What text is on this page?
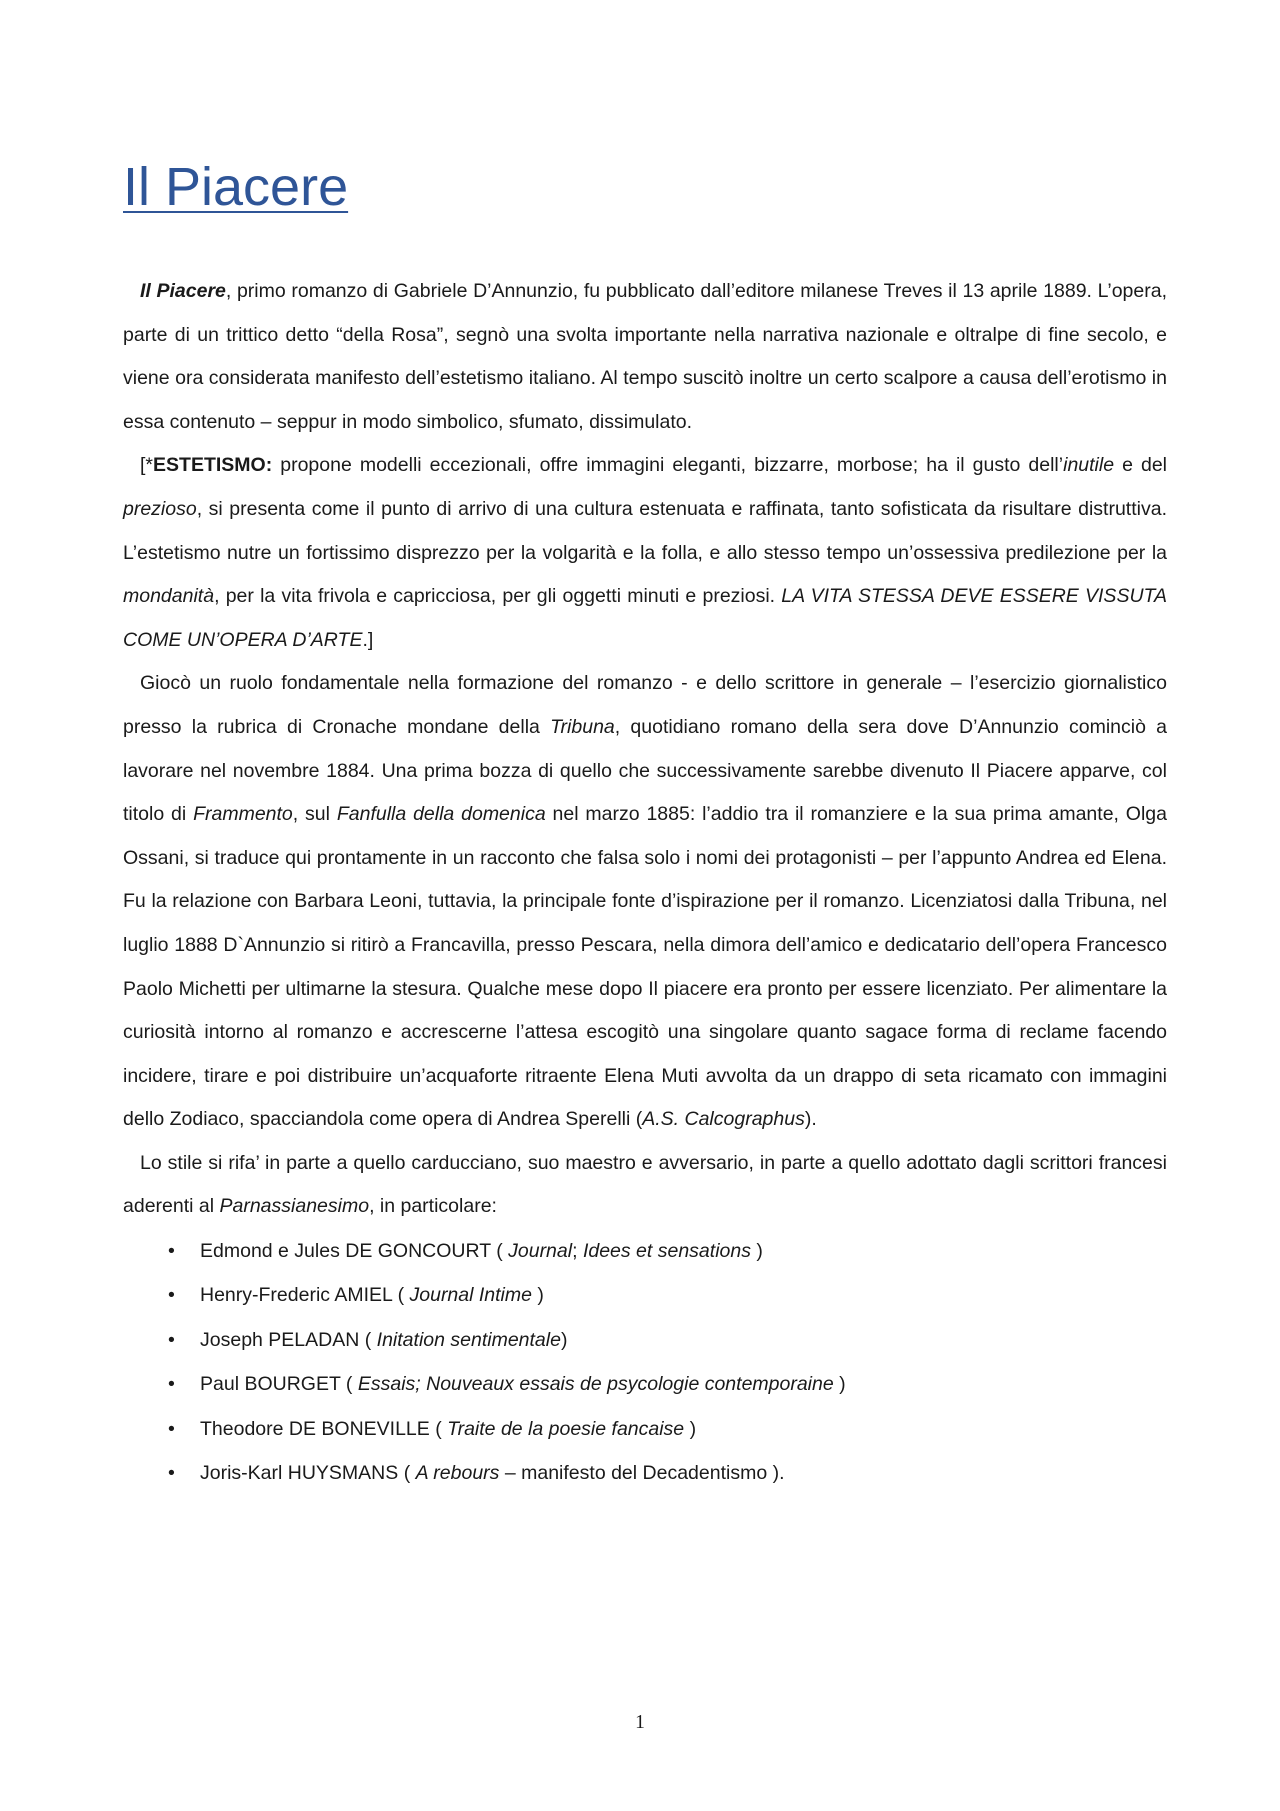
Il Piacere

Il Piacere, primo romanzo di Gabriele D’Annunzio, fu pubblicato dall’editore milanese Treves il 13 aprile 1889. L’opera, parte di un trittico detto “della Rosa”, segnò una svolta importante nella narrativa nazionale e oltralpe di fine secolo, e viene ora considerata manifesto dell’estetismo italiano. Al tempo suscitò inoltre un certo scalpore a causa dell’erotismo in essa contenuto – seppur in modo simbolico, sfumato, dissimulato.

[*ESTETISMO: propone modelli eccezionali, offre immagini eleganti, bizzarre, morbose; ha il gusto dell’inutile e del prezioso, si presenta come il punto di arrivo di una cultura estenuata e raffinata, tanto sofisticata da risultare distruttiva. L’estetismo nutre un fortissimo disprezzo per la volgarità e la folla, e allo stesso tempo un’ossessiva predilezione per la mondanità, per la vita frivola e capricciosa, per gli oggetti minuti e preziosi. LA VITA STESSA DEVE ESSERE VISSUTA COME UN’OPERA D’ARTE.]

Giocò un ruolo fondamentale nella formazione del romanzo - e dello scrittore in generale – l’esercizio giornalistico presso la rubrica di Cronache mondane della Tribuna, quotidiano romano della sera dove D’Annunzio cominciò a lavorare nel novembre 1884. Una prima bozza di quello che successivamente sarebbe divenuto Il Piacere apparve, col titolo di Frammento, sul Fanfulla della domenica nel marzo 1885: l’addio tra il romanziere e la sua prima amante, Olga Ossani, si traduce qui prontamente in un racconto che falsa solo i nomi dei protagonisti – per l’appunto Andrea ed Elena. Fu la relazione con Barbara Leoni, tuttavia, la principale fonte d’ispirazione per il romanzo. Licenziatosi dalla Tribuna, nel luglio 1888 D`Annunzio si ritirò a Francavilla, presso Pescara, nella dimora dell’amico e dedicatario dell’opera Francesco Paolo Michetti per ultimarne la stesura. Qualche mese dopo Il piacere era pronto per essere licenziato. Per alimentare la curiosità intorno al romanzo e accrescerne l’attesa escogitò una singolare quanto sagace forma di reclame facendo incidere, tirare e poi distribuire un’acquaforte ritraente Elena Muti avvolta da un drappo di seta ricamato con immagini dello Zodiaco, spacciandola come opera di Andrea Sperelli (A.S. Calcographus).

Lo stile si rifa’ in parte a quello carducciano, suo maestro e avversario, in parte a quello adottato dagli scrittori francesi aderenti al Parnassianesimo, in particolare:

• Edmond e Jules DE GONCOURT ( Journal; Idees et sensations )
• Henry-Frederic AMIEL ( Journal Intime )
• Joseph PELADAN ( Initation sentimentale)
• Paul BOURGET ( Essais; Nouveaux essais de psycologie contemporaine )
• Theodore DE BONEVILLE ( Traite de la poesie fancaise )
• Joris-Karl HUYSMANS ( A rebours – manifesto del Decadentismo ).
1
